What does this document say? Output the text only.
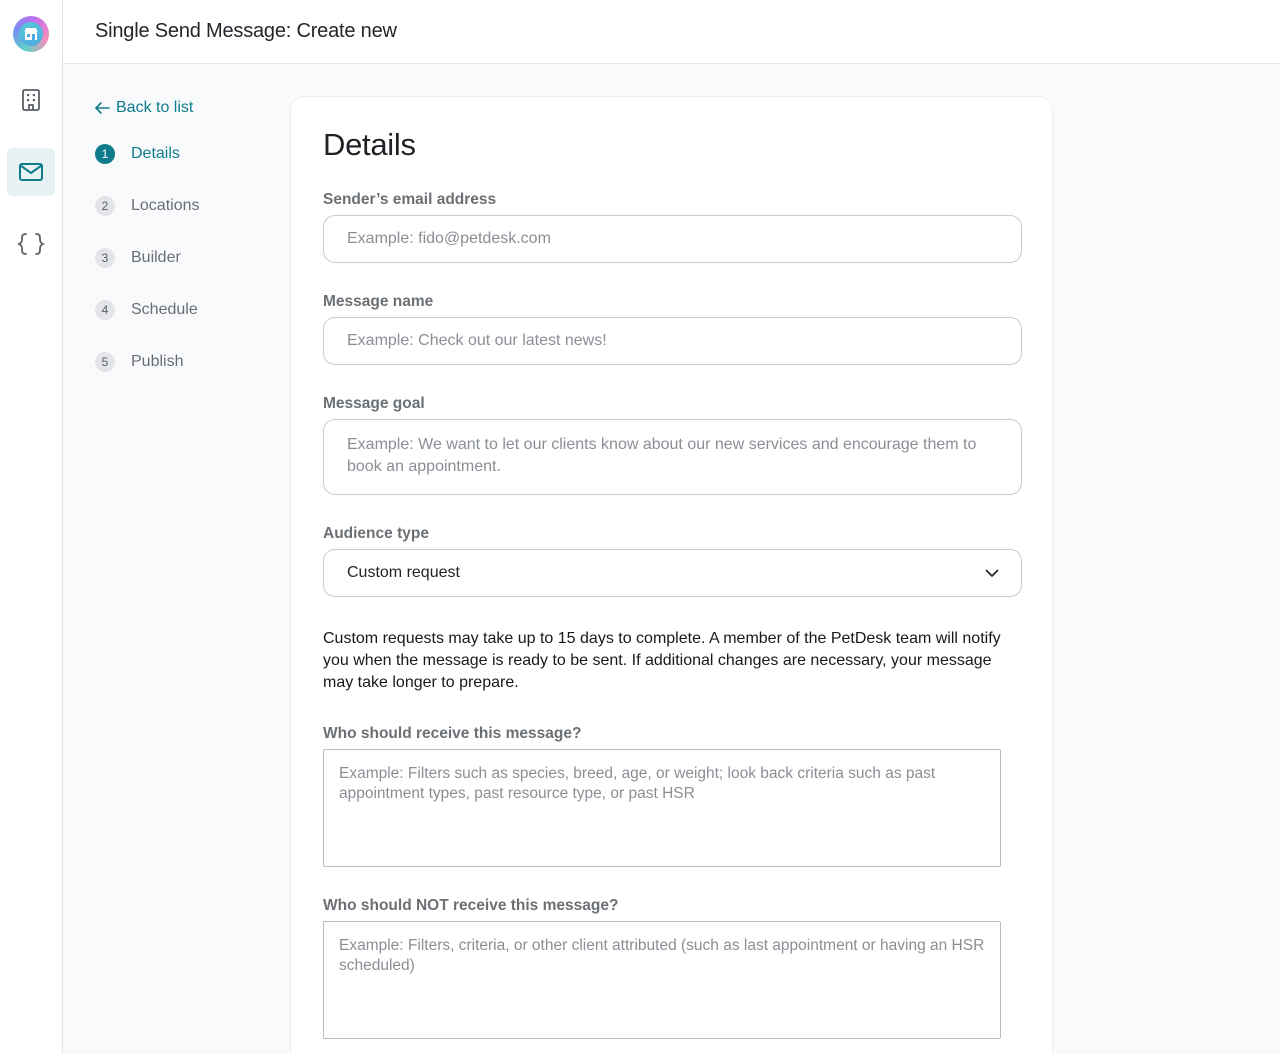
Single Send Message: Create new
Back to list
1	Details
2	Locations
3	Builder
4	Schedule
5	Publish
Details
Sender’s email address
Example: fido@petdesk.com
Message name
Example: Check out our latest news!
Message goal
Example: We want to let our clients know about our new services and encourage them to book an appointment.
Audience type
Custom request
Custom requests may take up to 15 days to complete. A member of the PetDesk team will notify you when the message is ready to be sent. If additional changes are necessary, your message may take longer to prepare.
Who should receive this message?
Example: Filters such as species, breed, age, or weight; look back criteria such as past appointment types, past resource type, or past HSR
Who should NOT receive this message?
Example: Filters, criteria, or other client attributed (such as last appointment or having an HSR scheduled)
